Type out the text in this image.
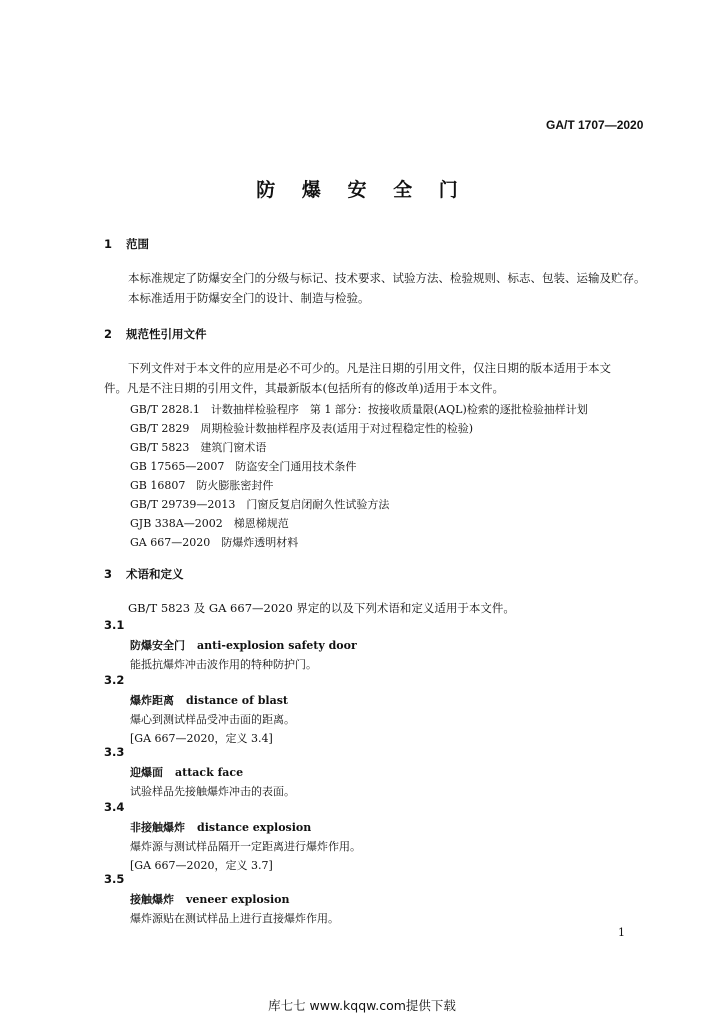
GA/T 1707—2020
防 爆 安 全 门
1 范围
本标准规定了防爆安全门的分级与标记、技术要求、试验方法、检验规则、标志、包装、运输及贮存。
本标准适用于防爆安全门的设计、制造与检验。
2 规范性引用文件
下列文件对于本文件的应用是必不可少的。凡是注日期的引用文件，仅注日期的版本适用于本文
件。凡是不注日期的引用文件，其最新版本(包括所有的修改单)适用于本文件。
GB/T 2828.1　计数抽样检验程序　第 1 部分：按接收质量限(AQL)检索的逐批检验抽样计划
GB/T 2829　周期检验计数抽样程序及表(适用于对过程稳定性的检验)
GB/T 5823　建筑门窗术语
GB 17565—2007　防盗安全门通用技术条件
GB 16807　防火膨胀密封件
GB/T 29739—2013　门窗反复启闭耐久性试验方法
GJB 338A—2002　梯恩梯规范
GA 667—2020　防爆炸透明材料
3 术语和定义
GB/T 5823 及 GA 667—2020 界定的以及下列术语和定义适用于本文件。
3.1
防爆安全门 anti-explosion safety door
能抵抗爆炸冲击波作用的特种防护门。
3.2
爆炸距离 distance of blast
爆心到测试样品受冲击面的距离。
[GA 667—2020，定义 3.4]
3.3
迎爆面 attack face
试验样品先接触爆炸冲击的表面。
3.4
非接触爆炸 distance explosion
爆炸源与测试样品隔开一定距离进行爆炸作用。
[GA 667—2020，定义 3.7]
3.5
接触爆炸 veneer explosion
爆炸源贴在测试样品上进行直接爆炸作用。
1
库七七 www.kqqw.com提供下载
